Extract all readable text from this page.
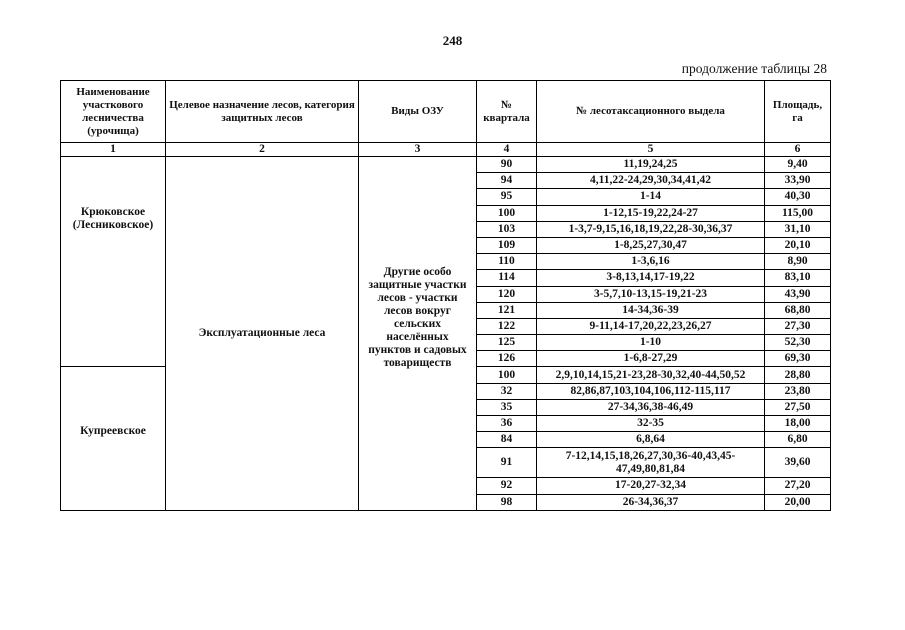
248
продолжение таблицы 28
Наименование участкового лесничества (урочища)	Целевое назначение лесов, категория защитных лесов	Виды ОЗУ	№ квартала	№ лесотаксационного выдела	Площадь, га
1	2	3	4	5	6
Крюковское (Лесниковское)	Эксплуатационные леса	Другие особо защитные участки лесов - участки лесов вокруг сельских населённых пунктов и садовых товариществ	90	11,19,24,25	9,40
			94	4,11,22-24,29,30,34,41,42	33,90
			95	1-14	40,30
			100	1-12,15-19,22,24-27	115,00
			103	1-3,7-9,15,16,18,19,22,28-30,36,37	31,10
			109	1-8,25,27,30,47	20,10
			110	1-3,6,16	8,90
			114	3-8,13,14,17-19,22	83,10
			120	3-5,7,10-13,15-19,21-23	43,90
			121	14-34,36-39	68,80
			122	9-11,14-17,20,22,23,26,27	27,30
			125	1-10	52,30
			126	1-6,8-27,29	69,30
Купреевское			100	2,9,10,14,15,21-23,28-30,32,40-44,50,52	28,80
			32	82,86,87,103,104,106,112-115,117	23,80
			35	27-34,36,38-46,49	27,50
			36	32-35	18,00
			84	6,8,64	6,80
			91	7-12,14,15,18,26,27,30,36-40,43,45-47,49,80,81,84	39,60
			92	17-20,27-32,34	27,20
			98	26-34,36,37	20,00
